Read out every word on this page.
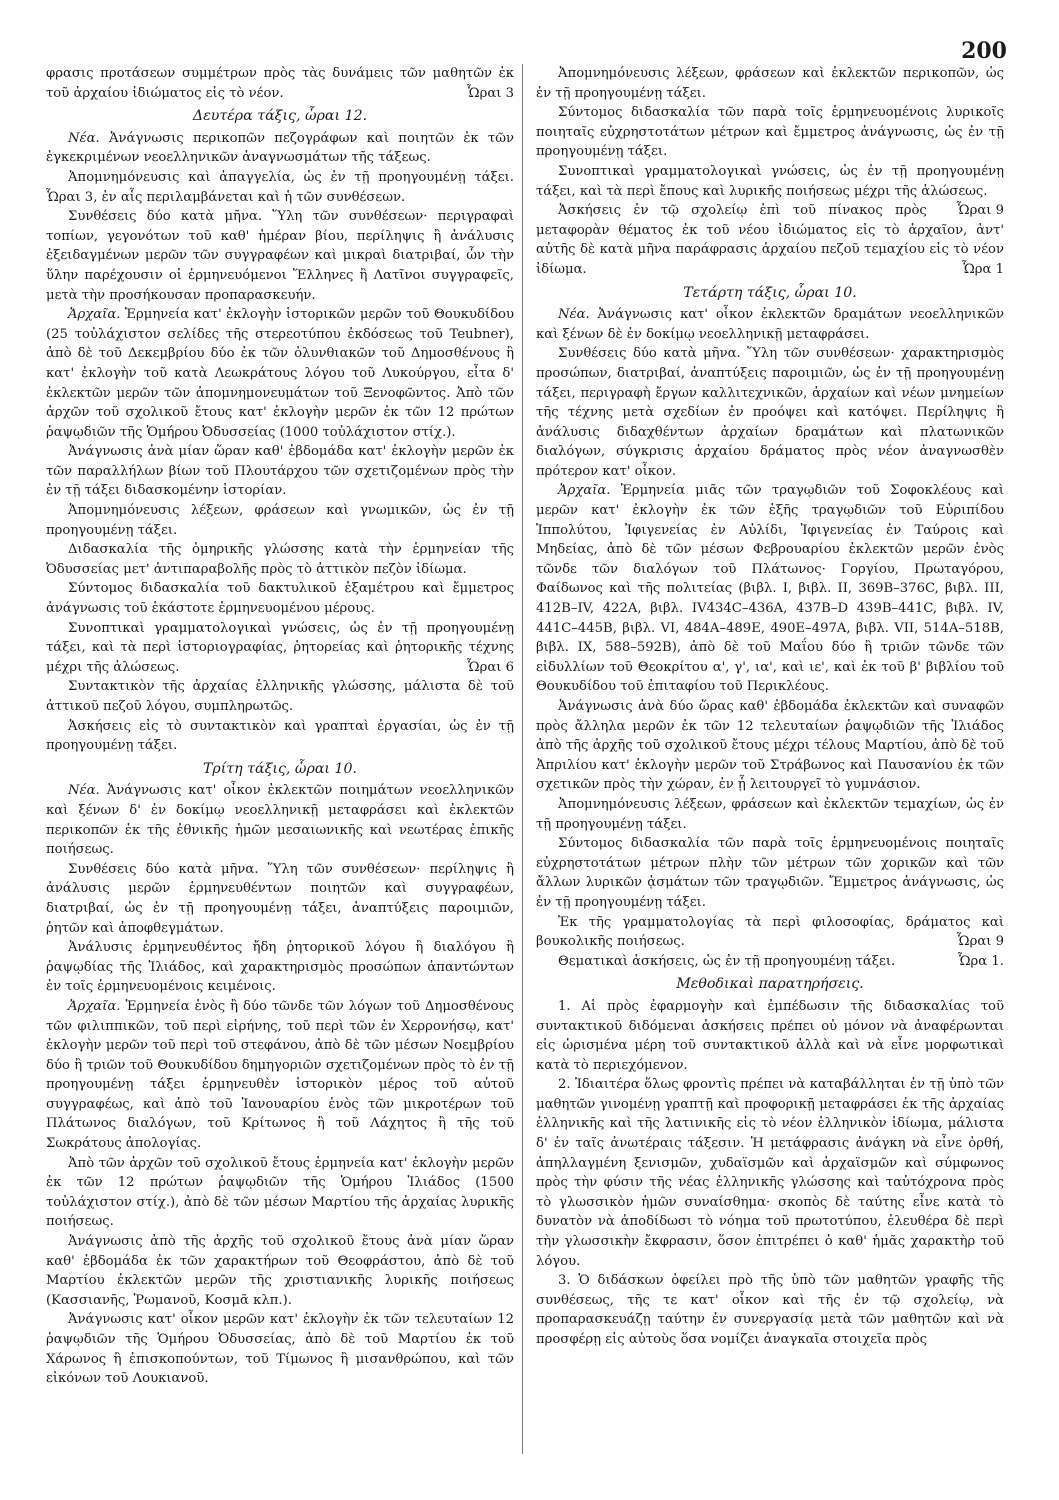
200

φρασις προτάσεων συμμέτρων πρὸς τὰς δυνάμεις τῶν μαθητῶν ἐκ τοῦ ἀρχαίου ἰδιώματος εἰς τὸ νέον.	Ὧραι 3

Δευτέρα τάξις, ὧραι 12.

Νέα. Ἀνάγνωσις περικοπῶν πεζογράφων καὶ ποιητῶν ἐκ τῶν ἐγκεκριμένων νεοελληνικῶν ἀναγνωσμάτων τῆς τάξεως.

Ἀπομνημόνευσις καὶ ἀπαγγελία, ὡς ἐν τῇ προηγουμένῃ τάξει. Ὧραι 3, ἐν αἷς περιλαμβάνεται καὶ ἡ τῶν συνθέσεων.

Συνθέσεις δύο κατὰ μῆνα. Ὕλη τῶν συνθέσεων· περιγραφαὶ τοπίων, γεγονότων τοῦ καθ' ἡμέραν βίου, περίληψις ἢ ἀνάλυσις ἐξειδαγμένων μερῶν τῶν συγγραφέων καὶ μικραὶ διατριβαί, ὧν τὴν ὕλην παρέχουσιν οἱ ἑρμηνευόμενοι Ἕλληνες ἢ Λατῖνοι συγγραφεῖς, μετὰ τὴν προσήκουσαν προπαρασκευήν.

Ἀρχαῖα. Ἑρμηνεία κατ' ἐκλογὴν ἱστορικῶν μερῶν τοῦ Θουκυδίδου (25 τοὐλάχιστον σελίδες τῆς στερεοτύπου ἐκδόσεως τοῦ Teubner), ἀπὸ δὲ τοῦ Δεκεμβρίου δύο ἐκ τῶν ὀλυνθιακῶν τοῦ Δημοσθένους ἢ κατ' ἐκλογὴν τοῦ κατὰ Λεωκράτους λόγου τοῦ Λυκούργου, εἶτα δ' ἐκλεκτῶν μερῶν τῶν ἀπομνημονευμάτων τοῦ Ξενοφῶντος. Ἀπὸ τῶν ἀρχῶν τοῦ σχολικοῦ ἔτους κατ' ἐκλογὴν μερῶν ἐκ τῶν 12 πρώτων ῥαψῳδιῶν τῆς Ὁμήρου Ὀδυσσείας (1000 τοὐλάχιστον στίχ.).

Ἀνάγνωσις ἀνὰ μίαν ὥραν καθ' ἑβδομάδα κατ' ἐκλογὴν μερῶν ἐκ τῶν παραλλήλων βίων τοῦ Πλουτάρχου τῶν σχετιζομένων πρὸς τὴν ἐν τῇ τάξει διδασκομένην ἱστορίαν.

Ἀπομνημόνευσις λέξεων, φράσεων καὶ γνωμικῶν, ὡς ἐν τῇ προηγουμένῃ τάξει.

Διδασκαλία τῆς ὁμηρικῆς γλώσσης κατὰ τὴν ἑρμηνείαν τῆς Ὀδυσσείας μετ' ἀντιπαραβολῆς πρὸς τὸ ἀττικὸν πεζὸν ἰδίωμα.

Σύντομος διδασκαλία τοῦ δακτυλικοῦ ἑξαμέτρου καὶ ἔμμετρος ἀνάγνωσις τοῦ ἑκάστοτε ἑρμηνευομένου μέρους.

Συνοπτικαὶ γραμματολογικαὶ γνώσεις, ὡς ἐν τῇ προηγουμένῃ τάξει, καὶ τὰ περὶ ἱστοριογραφίας, ῥητορείας καὶ ῥητορικῆς τέχνης μέχρι τῆς ἁλώσεως.	Ὧραι 6

Συντακτικὸν τῆς ἀρχαίας ἑλληνικῆς γλώσσης, μάλιστα δὲ τοῦ ἀττικοῦ πεζοῦ λόγου, συμπληρωτῶς.

Ἀσκήσεις εἰς τὸ συντακτικὸν καὶ γραπταὶ ἐργασίαι, ὡς ἐν τῇ προηγουμένῃ τάξει.

Τρίτη τάξις, ὧραι 10.

Νέα. Ἀνάγνωσις κατ' οἶκον ἐκλεκτῶν ποιημάτων νεοελληνικῶν καὶ ξένων δ' ἐν δοκίμῳ νεοελληνικῇ μεταφράσει καὶ ἐκλεκτῶν περικοπῶν ἐκ τῆς ἐθνικῆς ἡμῶν μεσαιωνικῆς καὶ νεωτέρας ἐπικῆς ποιήσεως.

Συνθέσεις δύο κατὰ μῆνα. Ὕλη τῶν συνθέσεων· περίληψις ἢ ἀνάλυσις μερῶν ἑρμηνευθέντων ποιητῶν καὶ συγγραφέων, διατριβαί, ὡς ἐν τῇ προηγουμένῃ τάξει, ἀναπτύξεις παροιμιῶν, ῥητῶν καὶ ἀποφθεγμάτων.

Ἀνάλυσις ἑρμηνευθέντος ἤδη ῥητορικοῦ λόγου ἢ διαλόγου ἢ ῥαψῳδίας τῆς Ἰλιάδος, καὶ χαρακτηρισμὸς προσώπων ἀπαντώντων ἐν τοῖς ἑρμηνευομένοις κειμένοις.

Ἀρχαῖα. Ἑρμηνεία ἑνὸς ἢ δύο τῶνδε τῶν λόγων τοῦ Δημοσθένους τῶν φιλιππικῶν, τοῦ περὶ εἰρήνης, τοῦ περὶ τῶν ἐν Χερρονήσῳ, κατ' ἐκλογὴν μερῶν τοῦ περὶ τοῦ στεφάνου, ἀπὸ δὲ τῶν μέσων Νοεμβρίου δύο ἢ τριῶν τοῦ Θουκυδίδου δημηγοριῶν σχετιζομένων πρὸς τὸ ἐν τῇ προηγουμένῃ τάξει ἑρμηνευθὲν ἱστορικὸν μέρος τοῦ αὐτοῦ συγγραφέως, καὶ ἀπὸ τοῦ Ἰανουαρίου ἑνὸς τῶν μικροτέρων τοῦ Πλάτωνος διαλόγων, τοῦ Κρίτωνος ἢ τοῦ Λάχητος ἢ τῆς τοῦ Σωκράτους ἀπολογίας.

Ἀπὸ τῶν ἀρχῶν τοῦ σχολικοῦ ἔτους ἑρμηνεία κατ' ἐκλογὴν μερῶν ἐκ τῶν 12 πρώτων ῥαψῳδιῶν τῆς Ὁμήρου Ἰλιάδος (1500 τοὐλάχιστον στίχ.), ἀπὸ δὲ τῶν μέσων Μαρτίου τῆς ἀρχαίας λυρικῆς ποιήσεως.

Ἀνάγνωσις ἀπὸ τῆς ἀρχῆς τοῦ σχολικοῦ ἔτους ἀνὰ μίαν ὥραν καθ' ἑβδομάδα ἐκ τῶν χαρακτήρων τοῦ Θεοφράστου, ἀπὸ δὲ τοῦ Μαρτίου ἐκλεκτῶν μερῶν τῆς χριστιανικῆς λυρικῆς ποιήσεως (Κασσιανῆς, Ῥωμανοῦ, Κοσμᾶ κλπ.).

Ἀνάγνωσις κατ' οἶκον μερῶν κατ' ἐκλογὴν ἐκ τῶν τελευταίων 12 ῥαψῳδιῶν τῆς Ὁμήρου Ὀδυσσείας, ἀπὸ δὲ τοῦ Μαρτίου ἐκ τοῦ Χάρωνος ἢ ἐπισκοπούντων, τοῦ Τίμωνος ἢ μισανθρώπου, καὶ τῶν εἰκόνων τοῦ Λουκιανοῦ.

Ἀπομνημόνευσις λέξεων, φράσεων καὶ ἐκλεκτῶν περικοπῶν, ὡς ἐν τῇ προηγουμένῃ τάξει.

Σύντομος διδασκαλία τῶν παρὰ τοῖς ἑρμηνευομένοις λυρικοῖς ποιηταῖς εὐχρηστοτάτων μέτρων καὶ ἔμμετρος ἀνάγνωσις, ὡς ἐν τῇ προηγουμένῃ τάξει.

Συνοπτικαὶ γραμματολογικαὶ γνώσεις, ὡς ἐν τῇ προηγουμένῃ τάξει, καὶ τὰ περὶ ἔπους καὶ λυρικῆς ποιήσεως μέχρι τῆς ἁλώσεως.
Ὧραι 9

Ἀσκήσεις ἐν τῷ σχολείῳ ἐπὶ τοῦ πίνακος πρὸς μεταφορὰν θέματος ἐκ τοῦ νέου ἰδιώματος εἰς τὸ ἀρχαῖον, ἀντ' αὐτῆς δὲ κατὰ μῆνα παράφρασις ἀρχαίου πεζοῦ τεμαχίου εἰς τὸ νέον ἰδίωμα.	Ὧρα 1

Τετάρτη τάξις, ὧραι 10.

Νέα. Ἀνάγνωσις κατ' οἶκον ἐκλεκτῶν δραμάτων νεοελληνικῶν καὶ ξένων δὲ ἐν δοκίμῳ νεοελληνικῇ μεταφράσει.

Συνθέσεις δύο κατὰ μῆνα. Ὕλη τῶν συνθέσεων· χαρακτηρισμὸς προσώπων, διατριβαί, ἀναπτύξεις παροιμιῶν, ὡς ἐν τῇ προηγουμένῃ τάξει, περιγραφὴ ἔργων καλλιτεχνικῶν, ἀρχαίων καὶ νέων μνημείων τῆς τέχνης μετὰ σχεδίων ἐν προόψει καὶ κατόψει. Περίληψις ἢ ἀνάλυσις διδαχθέντων ἀρχαίων δραμάτων καὶ πλατωνικῶν διαλόγων, σύγκρισις ἀρχαίου δράματος πρὸς νέον ἀναγνωσθὲν πρότερον κατ' οἶκον.

Ἀρχαῖα. Ἑρμηνεία μιᾶς τῶν τραγῳδιῶν τοῦ Σοφοκλέους καὶ μερῶν κατ' ἐκλογὴν ἐκ τῶν ἑξῆς τραγῳδιῶν τοῦ Εὐριπίδου Ἱππολύτου, Ἰφιγενείας ἐν Αὐλίδι, Ἰφιγενείας ἐν Ταύροις καὶ Μηδείας, ἀπὸ δὲ τῶν μέσων Φεβρουαρίου ἐκλεκτῶν μερῶν ἑνὸς τῶνδε τῶν διαλόγων τοῦ Πλάτωνος· Γοργίου, Πρωταγόρου, Φαίδωνος καὶ τῆς πολιτείας (βιβλ. I, βιβλ. II, 369B–376C, βιβλ. III, 412B–IV, 422A, βιβλ. IV434C–436A, 437B–D 439B–441C, βιβλ. IV, 441C–445B, βιβλ. VI, 484A–489E, 490E–497A, βιβλ. VII, 514A–518B, βιβλ. IX, 588–592B), ἀπὸ δὲ τοῦ Μαΐου δύο ἢ τριῶν τῶνδε τῶν εἰδυλλίων τοῦ Θεοκρίτου α', γ', ια', καὶ ιε', καὶ ἐκ τοῦ β' βιβλίου τοῦ Θουκυδίδου τοῦ ἐπιταφίου τοῦ Περικλέους.

Ἀνάγνωσις ἀνὰ δύο ὥρας καθ' ἑβδομάδα ἐκλεκτῶν καὶ συναφῶν πρὸς ἄλληλα μερῶν ἐκ τῶν 12 τελευταίων ῥαψῳδιῶν τῆς Ἰλιάδος ἀπὸ τῆς ἀρχῆς τοῦ σχολικοῦ ἔτους μέχρι τέλους Μαρτίου, ἀπὸ δὲ τοῦ Ἀπριλίου κατ' ἐκλογὴν μερῶν τοῦ Στράβωνος καὶ Παυσανίου ἐκ τῶν σχετικῶν πρὸς τὴν χώραν, ἐν ᾗ λειτουργεῖ τὸ γυμνάσιον.

Ἀπομνημόνευσις λέξεων, φράσεων καὶ ἐκλεκτῶν τεμαχίων, ὡς ἐν τῇ προηγουμένῃ τάξει.

Σύντομος διδασκαλία τῶν παρὰ τοῖς ἑρμηνευομένοις ποιηταῖς εὐχρηστοτάτων μέτρων πλὴν τῶν μέτρων τῶν χορικῶν καὶ τῶν ἄλλων λυρικῶν ᾀσμάτων τῶν τραγῳδιῶν. Ἔμμετρος ἀνάγνωσις, ὡς ἐν τῇ προηγουμένῃ τάξει.

Ἐκ τῆς γραμματολογίας τὰ περὶ φιλοσοφίας, δράματος καὶ βουκολικῆς ποιήσεως.	Ὧραι 9

Θεματικαὶ ἀσκήσεις, ὡς ἐν τῇ προηγουμένῃ τάξει.	Ὧρα 1.

Μεθοδικαὶ παρατηρήσεις.

1. Αἱ πρὸς ἐφαρμογὴν καὶ ἐμπέδωσιν τῆς διδασκαλίας τοῦ συντακτικοῦ διδόμεναι ἀσκήσεις πρέπει οὐ μόνον νὰ ἀναφέρωνται εἰς ὡρισμένα μέρη τοῦ συντακτικοῦ ἀλλὰ καὶ νὰ εἶνε μορφωτικαὶ κατὰ τὸ περιεχόμενον.

2. Ἰδιαιτέρα ὅλως φροντὶς πρέπει νὰ καταβάλληται ἐν τῇ ὑπὸ τῶν μαθητῶν γινομένῃ γραπτῇ καὶ προφορικῇ μεταφράσει ἐκ τῆς ἀρχαίας ἑλληνικῆς καὶ τῆς λατινικῆς εἰς τὸ νέον ἑλληνικὸν ἰδίωμα, μάλιστα δ' ἐν ταῖς ἀνωτέραις τάξεσιν. Ἡ μετάφρασις ἀνάγκη νὰ εἶνε ὀρθή, ἀπηλλαγμένη ξενισμῶν, χυδαϊσμῶν καὶ ἀρχαϊσμῶν καὶ σύμφωνος πρὸς τὴν φύσιν τῆς νέας ἑλληνικῆς γλώσσης καὶ ταὐτόχρονα πρὸς τὸ γλωσσικὸν ἡμῶν συναίσθημα· σκοπὸς δὲ ταύτης εἶνε κατὰ τὸ δυνατὸν νὰ ἀποδίδωσι τὸ νόημα τοῦ πρωτοτύπου, ἐλευθέρα δὲ περὶ τὴν γλωσσικὴν ἔκφρασιν, ὅσον ἐπιτρέπει ὁ καθ' ἡμᾶς χαρακτὴρ τοῦ λόγου.

3. Ὁ διδάσκων ὀφείλει πρὸ τῆς ὑπὸ τῶν μαθητῶν γραφῆς τῆς συνθέσεως, τῆς τε κατ' οἶκον καὶ τῆς ἐν τῷ σχολείῳ, νὰ προπαρασκευάζῃ ταύτην ἐν συνεργασίᾳ μετὰ τῶν μαθητῶν καὶ νὰ προσφέρῃ εἰς αὐτοὺς ὅσα νομίζει ἀναγκαῖα στοιχεῖα πρὸς
